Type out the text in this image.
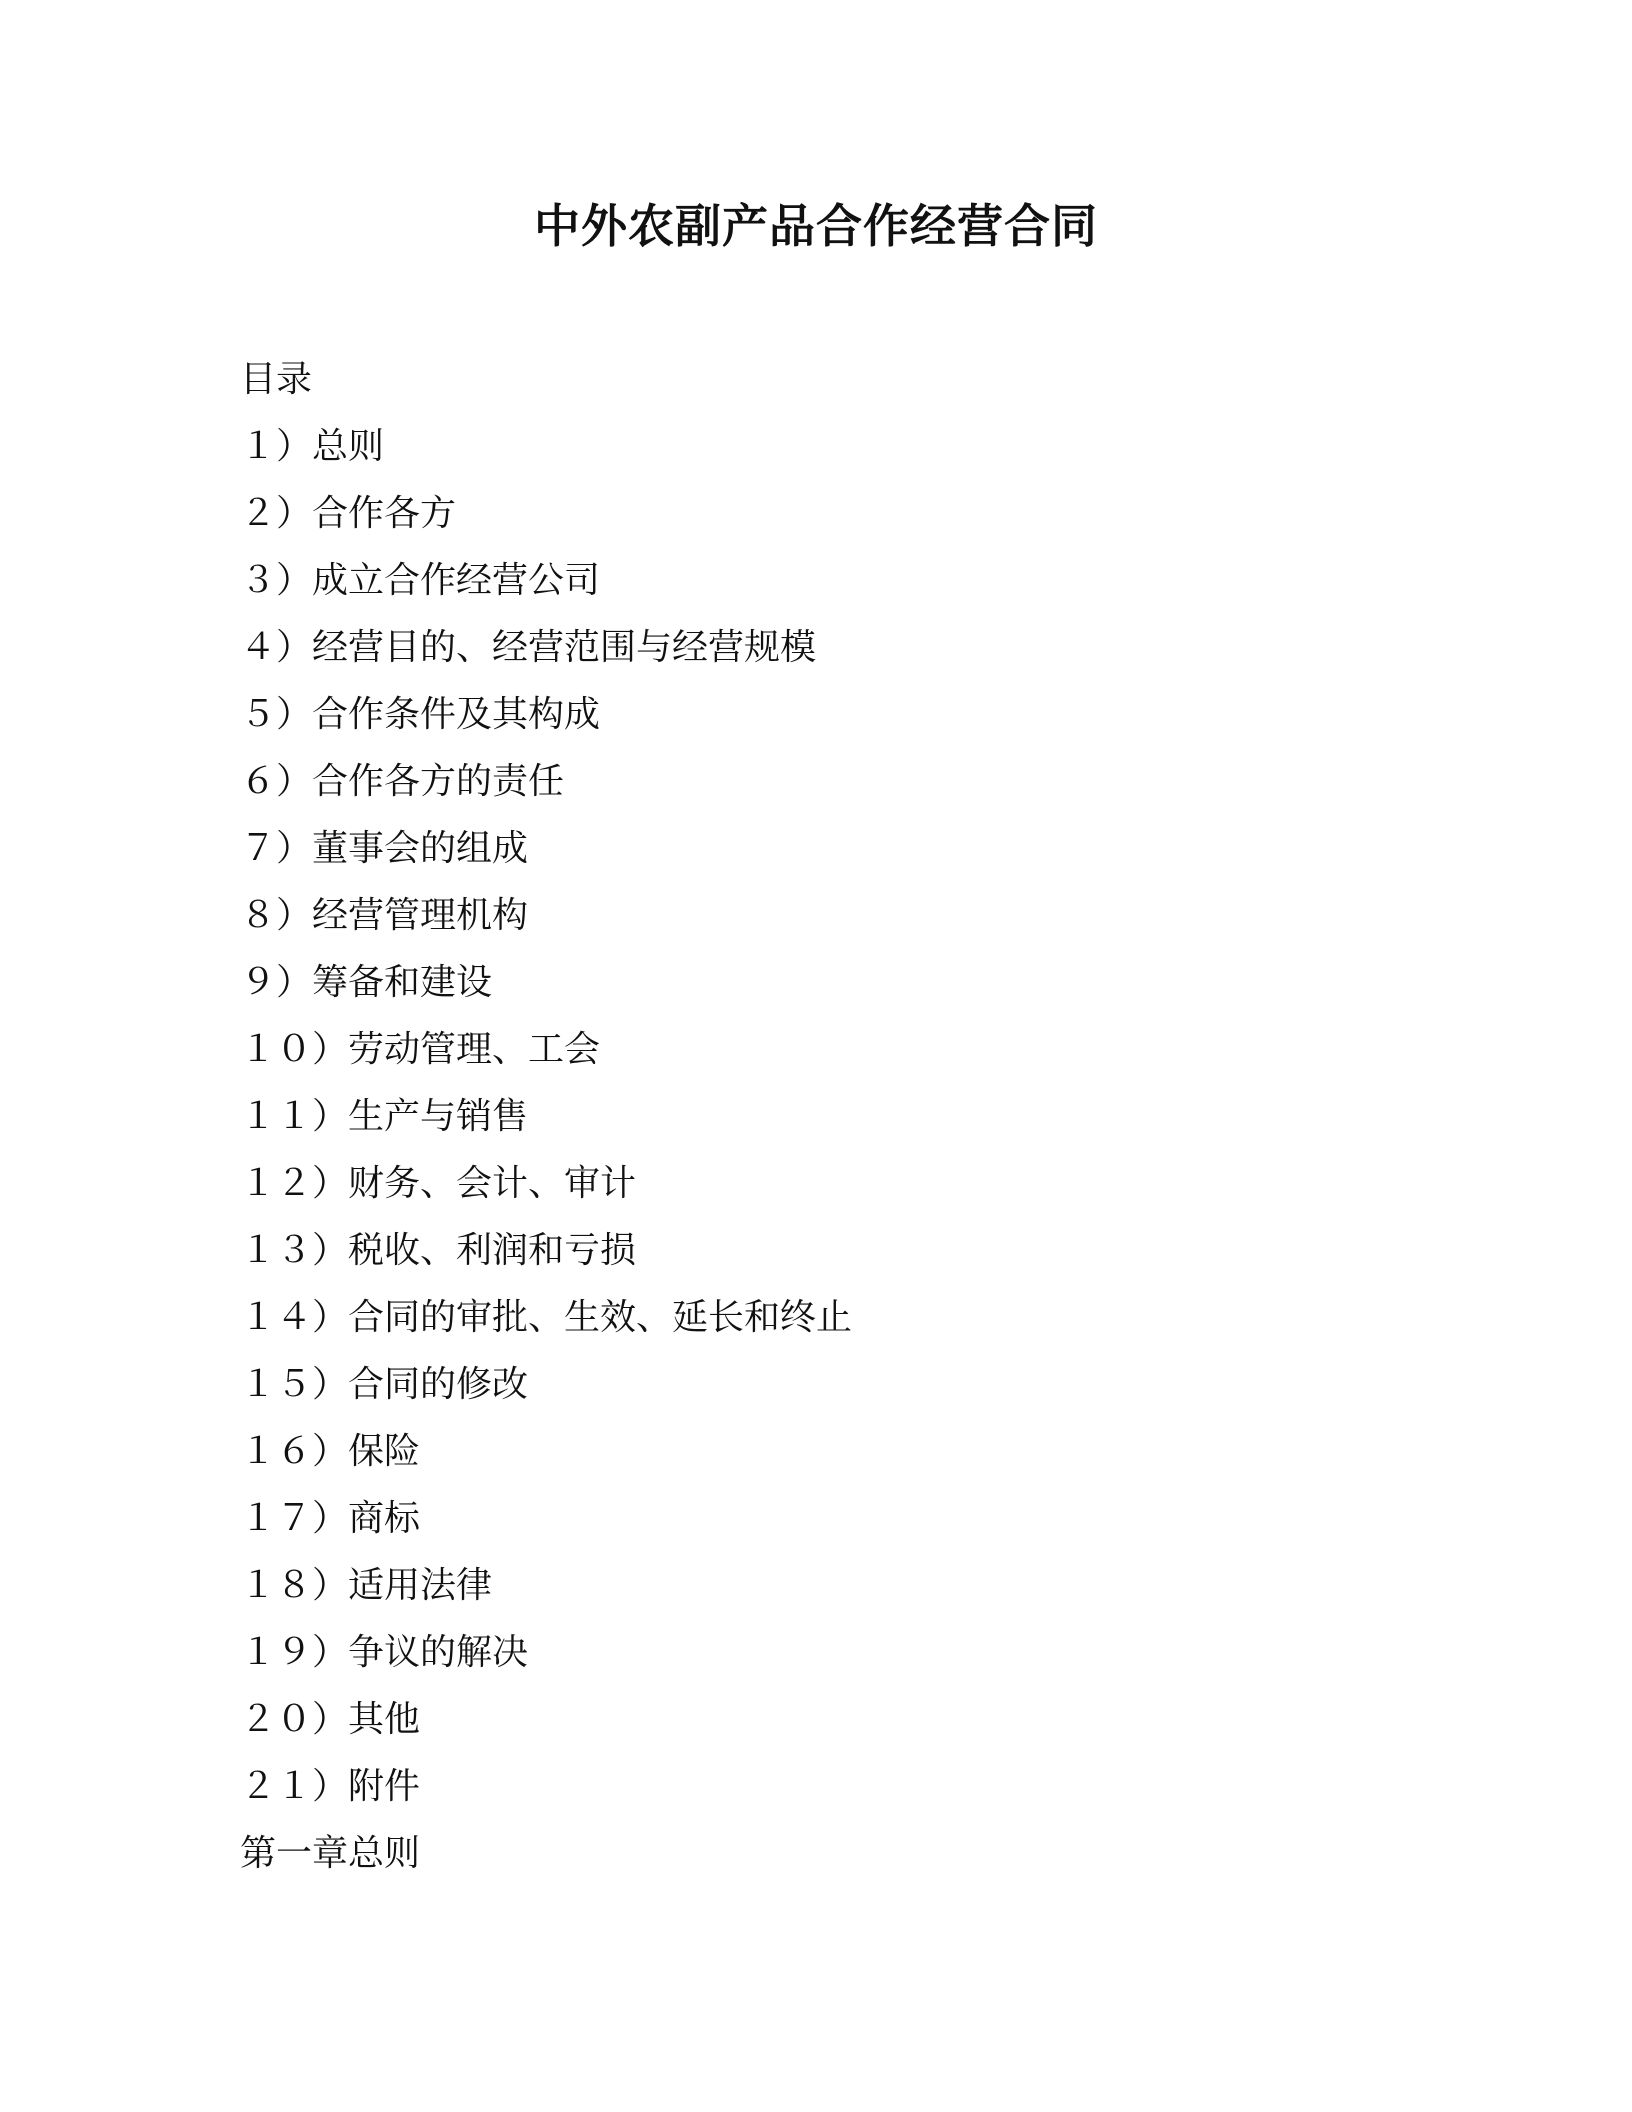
中外农副产品合作经营合同
目录
１）总则
２）合作各方
３）成立合作经营公司
４）经营目的、经营范围与经营规模
５）合作条件及其构成
６）合作各方的责任
７）董事会的组成
８）经营管理机构
９）筹备和建设
１０）劳动管理、工会
１１）生产与销售
１２）财务、会计、审计
１３）税收、利润和亏损
１４）合同的审批、生效、延长和终止
１５）合同的修改
１６）保险
１７）商标
１８）适用法律
１９）争议的解决
２０）其他
２１）附件
第一章总则
